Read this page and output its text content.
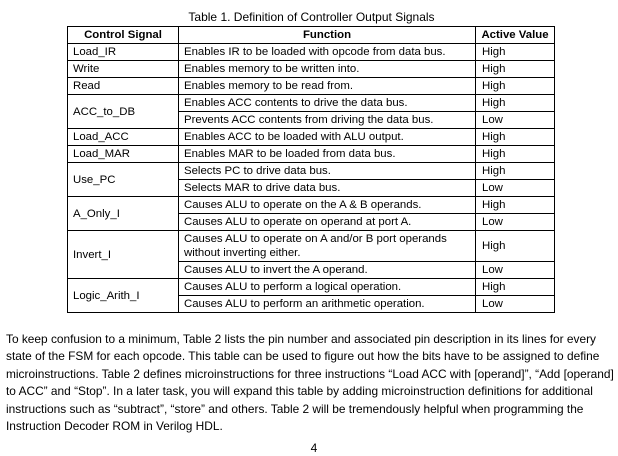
Table 1. Definition of Controller Output Signals
Control Signal	Function	Active Value
Load_IR	Enables IR to be loaded with opcode from data bus.	High
Write	Enables memory to be written into.	High
Read	Enables memory to be read from.	High
ACC_to_DB	Enables ACC contents to drive the data bus.	High
	Prevents ACC contents from driving the data bus.	Low
Load_ACC	Enables ACC to be loaded with ALU output.	High
Load_MAR	Enables MAR to be loaded from data bus.	High
Use_PC	Selects PC to drive data bus.	High
	Selects MAR to drive data bus.	Low
A_Only_I	Causes ALU to operate on the A & B operands.	High
	Causes ALU to operate on operand at port A.	Low
Invert_I	Causes ALU to operate on A and/or B port operands without inverting either.	High
	Causes ALU to invert the A operand.	Low
Logic_Arith_I	Causes ALU to perform a logical operation.	High
	Causes ALU to perform an arithmetic operation.	Low
To keep confusion to a minimum, Table 2 lists the pin number and associated pin description in its lines for every state of the FSM for each opcode. This table can be used to figure out how the bits have to be assigned to define microinstructions. Table 2 defines microinstructions for three instructions “Load ACC with [operand]”, “Add [operand] to ACC” and “Stop”. In a later task, you will expand this table by adding microinstruction definitions for additional instructions such as “subtract”, “store” and others. Table 2 will be tremendously helpful when programming the Instruction Decoder ROM in Verilog HDL.
4
